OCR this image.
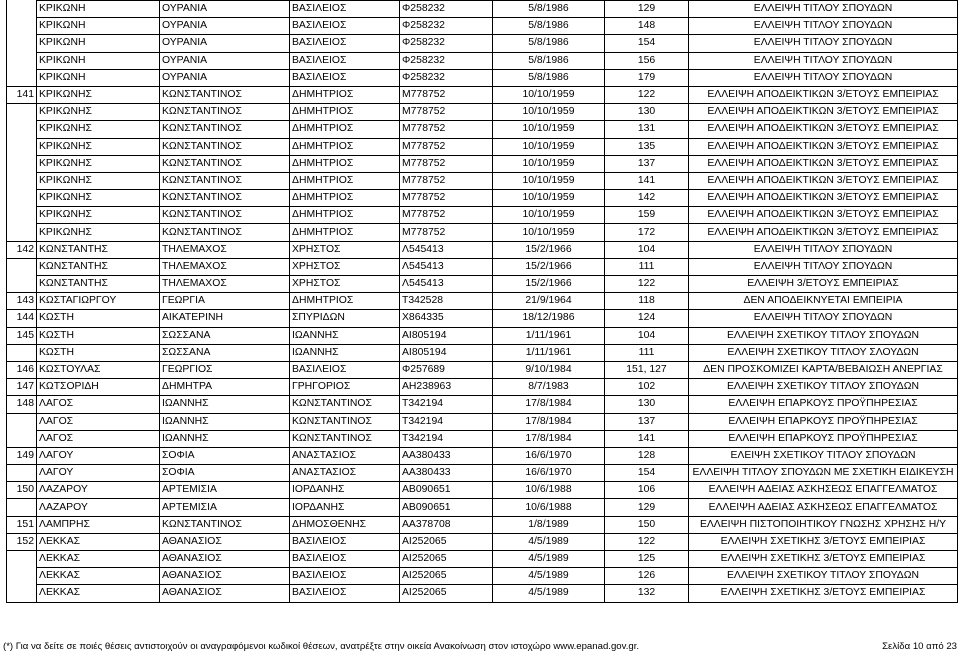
	ΚΡΙΚΩΝΗ	ΟΥΡΑΝΙΑ	ΒΑΣΙΛΕΙΟΣ	Φ258232	5/8/1986	129	ΕΛΛΕΙΨΗ ΤΙΤΛΟΥ ΣΠΟΥΔΩΝ
	ΚΡΙΚΩΝΗ	ΟΥΡΑΝΙΑ	ΒΑΣΙΛΕΙΟΣ	Φ258232	5/8/1986	148	ΕΛΛΕΙΨΗ ΤΙΤΛΟΥ ΣΠΟΥΔΩΝ
	ΚΡΙΚΩΝΗ	ΟΥΡΑΝΙΑ	ΒΑΣΙΛΕΙΟΣ	Φ258232	5/8/1986	154	ΕΛΛΕΙΨΗ ΤΙΤΛΟΥ ΣΠΟΥΔΩΝ
	ΚΡΙΚΩΝΗ	ΟΥΡΑΝΙΑ	ΒΑΣΙΛΕΙΟΣ	Φ258232	5/8/1986	156	ΕΛΛΕΙΨΗ ΤΙΤΛΟΥ ΣΠΟΥΔΩΝ
	ΚΡΙΚΩΝΗ	ΟΥΡΑΝΙΑ	ΒΑΣΙΛΕΙΟΣ	Φ258232	5/8/1986	179	ΕΛΛΕΙΨΗ ΤΙΤΛΟΥ ΣΠΟΥΔΩΝ
141	ΚΡΙΚΩΝΗΣ	ΚΩΝΣΤΑΝΤΙΝΟΣ	ΔΗΜΗΤΡΙΟΣ	Μ778752	10/10/1959	122	ΕΛΛΕΙΨΗ ΑΠΟΔΕΙΚΤΙΚΩΝ 3/ΕΤΟΥΣ ΕΜΠΕΙΡΙΑΣ
	ΚΡΙΚΩΝΗΣ	ΚΩΝΣΤΑΝΤΙΝΟΣ	ΔΗΜΗΤΡΙΟΣ	Μ778752	10/10/1959	130	ΕΛΛΕΙΨΗ ΑΠΟΔΕΙΚΤΙΚΩΝ 3/ΕΤΟΥΣ ΕΜΠΕΙΡΙΑΣ
	ΚΡΙΚΩΝΗΣ	ΚΩΝΣΤΑΝΤΙΝΟΣ	ΔΗΜΗΤΡΙΟΣ	Μ778752	10/10/1959	131	ΕΛΛΕΙΨΗ ΑΠΟΔΕΙΚΤΙΚΩΝ 3/ΕΤΟΥΣ ΕΜΠΕΙΡΙΑΣ
	ΚΡΙΚΩΝΗΣ	ΚΩΝΣΤΑΝΤΙΝΟΣ	ΔΗΜΗΤΡΙΟΣ	Μ778752	10/10/1959	135	ΕΛΛΕΙΨΗ ΑΠΟΔΕΙΚΤΙΚΩΝ 3/ΕΤΟΥΣ ΕΜΠΕΙΡΙΑΣ
	ΚΡΙΚΩΝΗΣ	ΚΩΝΣΤΑΝΤΙΝΟΣ	ΔΗΜΗΤΡΙΟΣ	Μ778752	10/10/1959	137	ΕΛΛΕΙΨΗ ΑΠΟΔΕΙΚΤΙΚΩΝ 3/ΕΤΟΥΣ ΕΜΠΕΙΡΙΑΣ
	ΚΡΙΚΩΝΗΣ	ΚΩΝΣΤΑΝΤΙΝΟΣ	ΔΗΜΗΤΡΙΟΣ	Μ778752	10/10/1959	141	ΕΛΛΕΙΨΗ ΑΠΟΔΕΙΚΤΙΚΩΝ 3/ΕΤΟΥΣ ΕΜΠΕΙΡΙΑΣ
	ΚΡΙΚΩΝΗΣ	ΚΩΝΣΤΑΝΤΙΝΟΣ	ΔΗΜΗΤΡΙΟΣ	Μ778752	10/10/1959	142	ΕΛΛΕΙΨΗ ΑΠΟΔΕΙΚΤΙΚΩΝ 3/ΕΤΟΥΣ ΕΜΠΕΙΡΙΑΣ
	ΚΡΙΚΩΝΗΣ	ΚΩΝΣΤΑΝΤΙΝΟΣ	ΔΗΜΗΤΡΙΟΣ	Μ778752	10/10/1959	159	ΕΛΛΕΙΨΗ ΑΠΟΔΕΙΚΤΙΚΩΝ 3/ΕΤΟΥΣ ΕΜΠΕΙΡΙΑΣ
	ΚΡΙΚΩΝΗΣ	ΚΩΝΣΤΑΝΤΙΝΟΣ	ΔΗΜΗΤΡΙΟΣ	Μ778752	10/10/1959	172	ΕΛΛΕΙΨΗ ΑΠΟΔΕΙΚΤΙΚΩΝ 3/ΕΤΟΥΣ ΕΜΠΕΙΡΙΑΣ
142	ΚΩΝΣΤΑΝΤΗΣ	ΤΗΛΕΜΑΧΟΣ	ΧΡΗΣΤΟΣ	Λ545413	15/2/1966	104	ΕΛΛΕΙΨΗ ΤΙΤΛΟΥ ΣΠΟΥΔΩΝ
	ΚΩΝΣΤΑΝΤΗΣ	ΤΗΛΕΜΑΧΟΣ	ΧΡΗΣΤΟΣ	Λ545413	15/2/1966	111	ΕΛΛΕΙΨΗ ΤΙΤΛΟΥ ΣΠΟΥΔΩΝ
	ΚΩΝΣΤΑΝΤΗΣ	ΤΗΛΕΜΑΧΟΣ	ΧΡΗΣΤΟΣ	Λ545413	15/2/1966	122	ΕΛΛΕΙΨΗ 3/ΕΤΟΥΣ ΕΜΠΕΙΡΙΑΣ
143	ΚΩΣΤΑΓΙΩΡΓΟΥ	ΓΕΩΡΓΙΑ	ΔΗΜΗΤΡΙΟΣ	Τ342528	21/9/1964	118	ΔΕΝ ΑΠΟΔΕΙΚΝΥΕΤΑΙ ΕΜΠΕΙΡΙΑ
144	ΚΩΣΤΗ	ΑΙΚΑΤΕΡΙΝΗ	ΣΠΥΡΙΔΩΝ	Χ864335	18/12/1986	124	ΕΛΛΕΙΨΗ ΤΙΤΛΟΥ ΣΠΟΥΔΩΝ
145	ΚΩΣΤΗ	ΣΩΣΣΑΝΑ	ΙΩΑΝΝΗΣ	ΑΙ805194	1/11/1961	104	ΕΛΛΕΙΨΗ ΣΧΕΤΙΚΟΥ ΤΙΤΛΟΥ ΣΠΟΥΔΩΝ
	ΚΩΣΤΗ	ΣΩΣΣΑΝΑ	ΙΩΑΝΝΗΣ	ΑΙ805194	1/11/1961	111	ΕΛΛΕΙΨΗ ΣΧΕΤΙΚΟΥ ΤΙΤΛΟΥ ΣΛΟΥΔΩΝ
146	ΚΩΣΤΟΥΛΑΣ	ΓΕΩΡΓΙΟΣ	ΒΑΣΙΛΕΙΟΣ	Φ257689	9/10/1984	151, 127	ΔΕΝ ΠΡΟΣΚΟΜΙΖΕΙ ΚΑΡΤΑ/ΒΕΒΑΙΩΣΗ ΑΝΕΡΓΙΑΣ
147	ΚΩΤΣΟΡΙΔΗ	ΔΗΜΗΤΡΑ	ΓΡΗΓΟΡΙΟΣ	ΑΗ238963	8/7/1983	102	ΕΛΛΕΙΨΗ ΣΧΕΤΙΚΟΥ ΤΙΤΛΟΥ ΣΠΟΥΔΩΝ
148	ΛΑΓΟΣ	ΙΩΑΝΝΗΣ	ΚΩΝΣΤΑΝΤΙΝΟΣ	Τ342194	17/8/1984	130	ΕΛΛΕΙΨΗ ΕΠΑΡΚΟΥΣ ΠΡΟΫΠΗΡΕΣΙΑΣ
	ΛΑΓΟΣ	ΙΩΑΝΝΗΣ	ΚΩΝΣΤΑΝΤΙΝΟΣ	Τ342194	17/8/1984	137	ΕΛΛΕΙΨΗ ΕΠΑΡΚΟΥΣ ΠΡΟΫΠΗΡΕΣΙΑΣ
	ΛΑΓΟΣ	ΙΩΑΝΝΗΣ	ΚΩΝΣΤΑΝΤΙΝΟΣ	Τ342194	17/8/1984	141	ΕΛΛΕΙΨΗ ΕΠΑΡΚΟΥΣ ΠΡΟΫΠΗΡΕΣΙΑΣ
149	ΛΑΓΟΥ	ΣΟΦΙΑ	ΑΝΑΣΤΑΣΙΟΣ	ΑΑ380433	16/6/1970	128	ΕΛΕΙΨΗ ΣΧΕΤΙΚΟΥ ΤΙΤΛΟΥ ΣΠΟΥΔΩΝ
	ΛΑΓΟΥ	ΣΟΦΙΑ	ΑΝΑΣΤΑΣΙΟΣ	ΑΑ380433	16/6/1970	154	ΕΛΛΕΙΨΗ ΤΙΤΛΟΥ ΣΠΟΥΔΩΝ ΜΕ ΣΧΕΤΙΚΗ ΕΙΔΙΚΕΥΣΗ
150	ΛΑΖΑΡΟΥ	ΑΡΤΕΜΙΣΙΑ	ΙΟΡΔΑΝΗΣ	ΑΒ090651	10/6/1988	106	ΕΛΛΕΙΨΗ ΑΔΕΙΑΣ ΑΣΚΗΣΕΩΣ ΕΠΑΓΓΕΛΜΑΤΟΣ
	ΛΑΖΑΡΟΥ	ΑΡΤΕΜΙΣΙΑ	ΙΟΡΔΑΝΗΣ	ΑΒ090651	10/6/1988	129	ΕΛΛΕΙΨΗ ΑΔΕΙΑΣ ΑΣΚΗΣΕΩΣ ΕΠΑΓΓΕΛΜΑΤΟΣ
151	ΛΑΜΠΡΗΣ	ΚΩΝΣΤΑΝΤΙΝΟΣ	ΔΗΜΟΣΘΕΝΗΣ	ΑΑ378708	1/8/1989	150	ΕΛΛΕΙΨΗ ΠΙΣΤΟΠΟΙΗΤΙΚΟΥ ΓΝΩΣΗΣ ΧΡΗΣΗΣ Η/Υ
152	ΛΕΚΚΑΣ	ΑΘΑΝΑΣΙΟΣ	ΒΑΣΙΛΕΙΟΣ	ΑΙ252065	4/5/1989	122	ΕΛΛΕΙΨΗ ΣΧΕΤΙΚΗΣ 3/ΕΤΟΥΣ ΕΜΠΕΙΡΙΑΣ
	ΛΕΚΚΑΣ	ΑΘΑΝΑΣΙΟΣ	ΒΑΣΙΛΕΙΟΣ	ΑΙ252065	4/5/1989	125	ΕΛΛΕΙΨΗ ΣΧΕΤΙΚΗΣ 3/ΕΤΟΥΣ ΕΜΠΕΙΡΙΑΣ
	ΛΕΚΚΑΣ	ΑΘΑΝΑΣΙΟΣ	ΒΑΣΙΛΕΙΟΣ	ΑΙ252065	4/5/1989	126	ΕΛΛΕΙΨΗ ΣΧΕΤΙΚΟΥ ΤΙΤΛΟΥ ΣΠΟΥΔΩΝ
	ΛΕΚΚΑΣ	ΑΘΑΝΑΣΙΟΣ	ΒΑΣΙΛΕΙΟΣ	ΑΙ252065	4/5/1989	132	ΕΛΛΕΙΨΗ ΣΧΕΤΙΚΗΣ 3/ΕΤΟΥΣ ΕΜΠΕΙΡΙΑΣ
(*) Για να δείτε σε ποιές θέσεις αντιστοιχούν οι αναγραφόμενοι κωδικοί θέσεων, ανατρέξτε στην οικεία Ανακοίνωση στον ιστοχώρο www.epanad.gov.gr.	Σελίδα 10 από 23
